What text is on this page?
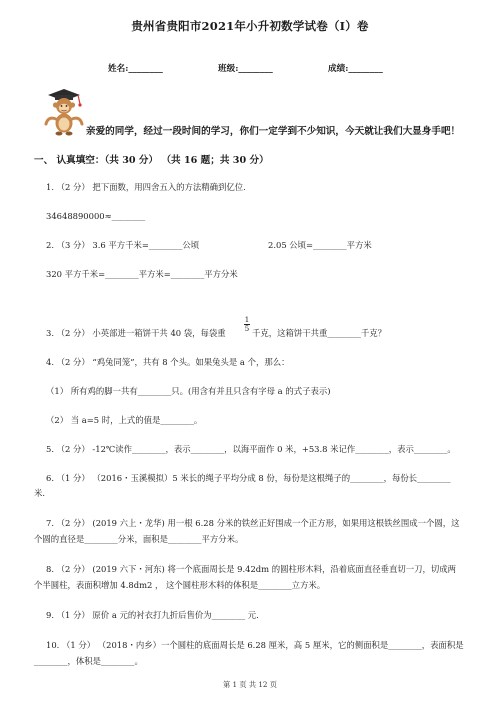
贵州省贵阳市2021年小升初数学试卷（I）卷
姓名:________	班级:________	成绩:________
亲爱的同学，经过一段时间的学习，你们一定学到不少知识，今天就让我们大显身手吧！
一、 认真填空：（共 30 分） （共 16 题；共 30 分）
1. （2 分） 把下面数，用四舍五入的方法精确到亿位.
34648890000≈________
2. （3 分） 3.6 平方千米=________公顷	2.05 公顷=________平方米
320 平方千米=________平方米=________平方分米
3. （2 分） 小英部进一箱饼干共 40 袋，每袋重
1
5 千克，这箱饼干共重________千克？
4. （2 分） “鸡兔同笼”，共有 8 个头。如果兔头是 a 个，那么：
（1） 所有鸡的脚一共有________只。(用含有并且只含有字母 a 的式子表示)
（2） 当 a=5 时，上式的值是________。
5. （2 分） -12℃读作________，表示________，以海平面作 0 米，+53.8 米记作________，表示________。
6. （1 分） （2016・玉溪模拟）5 米长的绳子平均分成 8 份，每份是这根绳子的________，每份长________
米.
7. （2 分） (2019 六上・龙华) 用一根 6.28 分米的铁丝正好围成一个正方形，如果用这根铁丝围成一个圆，这
个圆的直径是________分米，面积是________平方分米。
8. （2 分） (2019 六下・河东) 将一个底面周长是 9.42dm 的圆柱形木料，沿着底面直径垂直切一刀，切成两
个半圆柱，表面积增加 4.8dm2 ， 这个圆柱形木料的体积是________立方米。
9. （1 分） 原价 a 元的衬衣打九折后售价为________ 元.
10. （1 分） （2018・内乡）一个圆柱的底面周长是 6.28 厘米，高 5 厘米，它的侧面积是________，表面积是
________，体积是________。
第 1 页 共 12 页
